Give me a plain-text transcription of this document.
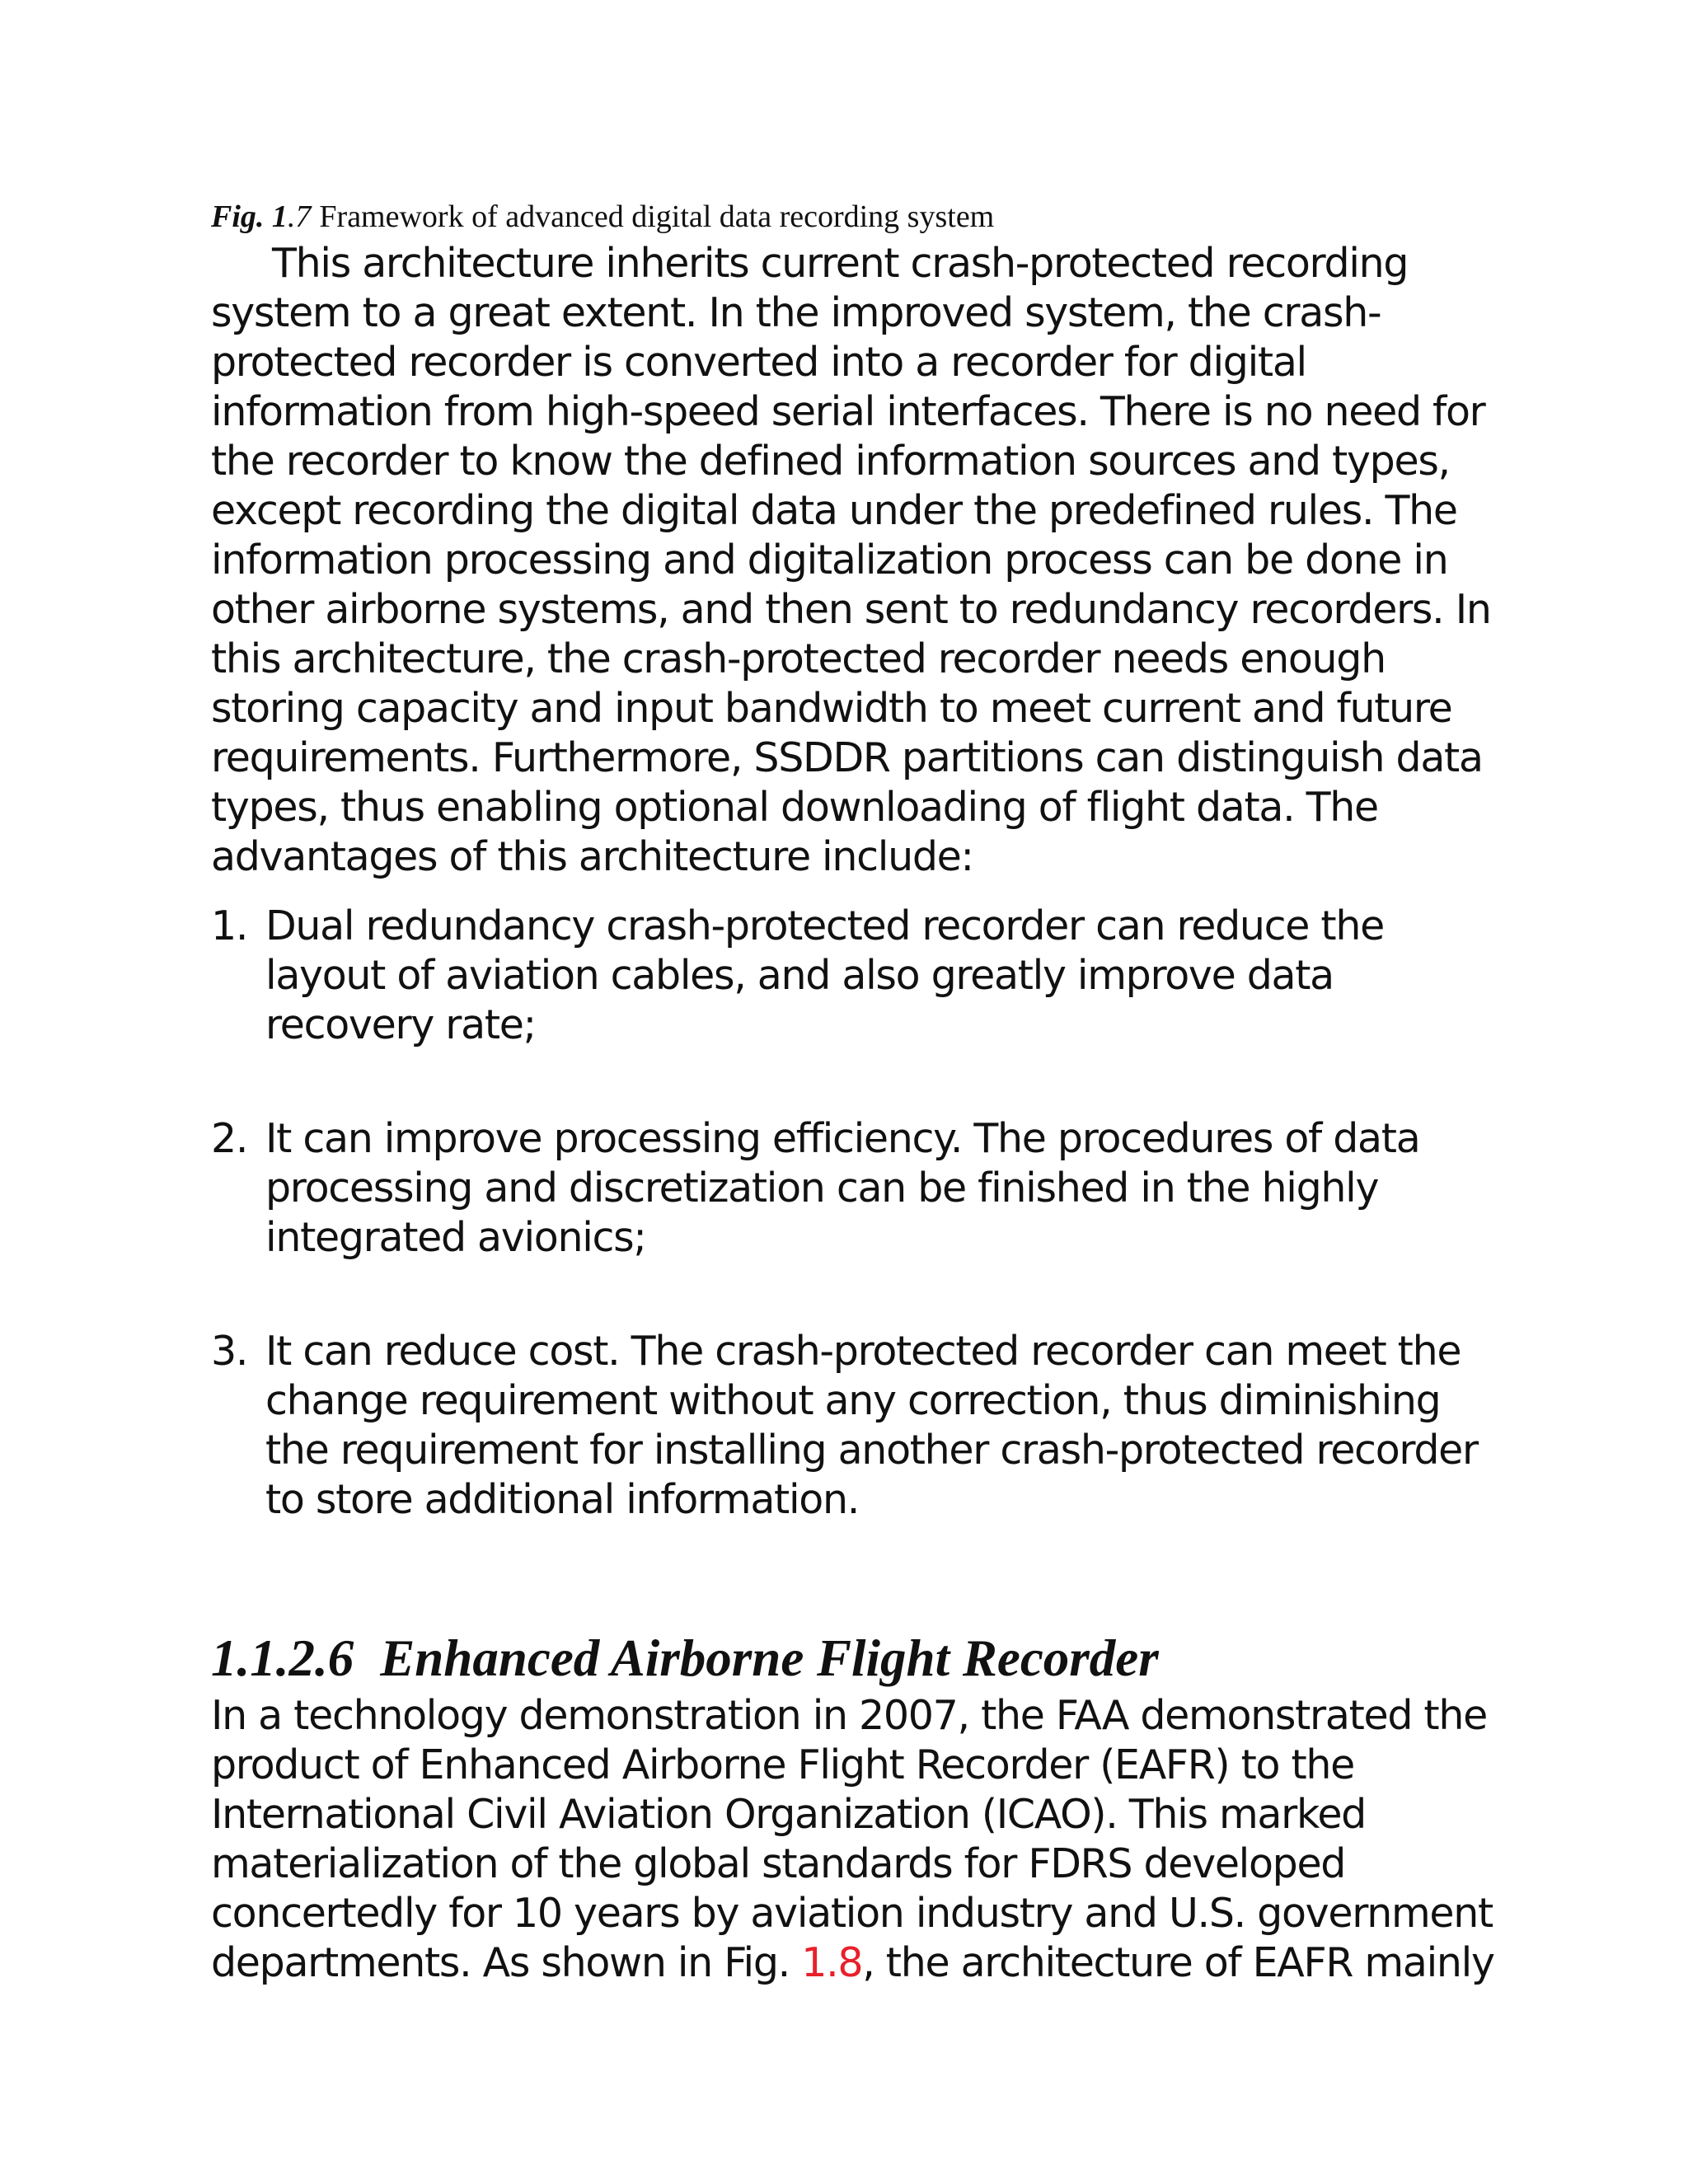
Fig. 1.7 Framework of advanced digital data recording system

This architecture inherits current crash-protected recording system to a great extent. In the improved system, the crash-protected recorder is converted into a recorder for digital information from high-speed serial interfaces. There is no need for the recorder to know the defined information sources and types, except recording the digital data under the predefined rules. The information processing and digitalization process can be done in other airborne systems, and then sent to redundancy recorders. In this architecture, the crash-protected recorder needs enough storing capacity and input bandwidth to meet current and future requirements. Furthermore, SSDDR partitions can distinguish data types, thus enabling optional downloading of flight data. The advantages of this architecture include:

1. Dual redundancy crash-protected recorder can reduce the layout of aviation cables, and also greatly improve data recovery rate;
2. It can improve processing efficiency. The procedures of data processing and discretization can be finished in the highly integrated avionics;
3. It can reduce cost. The crash-protected recorder can meet the change requirement without any correction, thus diminishing the requirement for installing another crash-protected recorder to store additional information.
1.1.2.6 Enhanced Airborne Flight Recorder

In a technology demonstration in 2007, the FAA demonstrated the product of Enhanced Airborne Flight Recorder (EAFR) to the International Civil Aviation Organization (ICAO). This marked materialization of the global standards for FDRS developed concertedly for 10 years by aviation industry and U.S. government departments. As shown in Fig. 1.8, the architecture of EAFR mainly
